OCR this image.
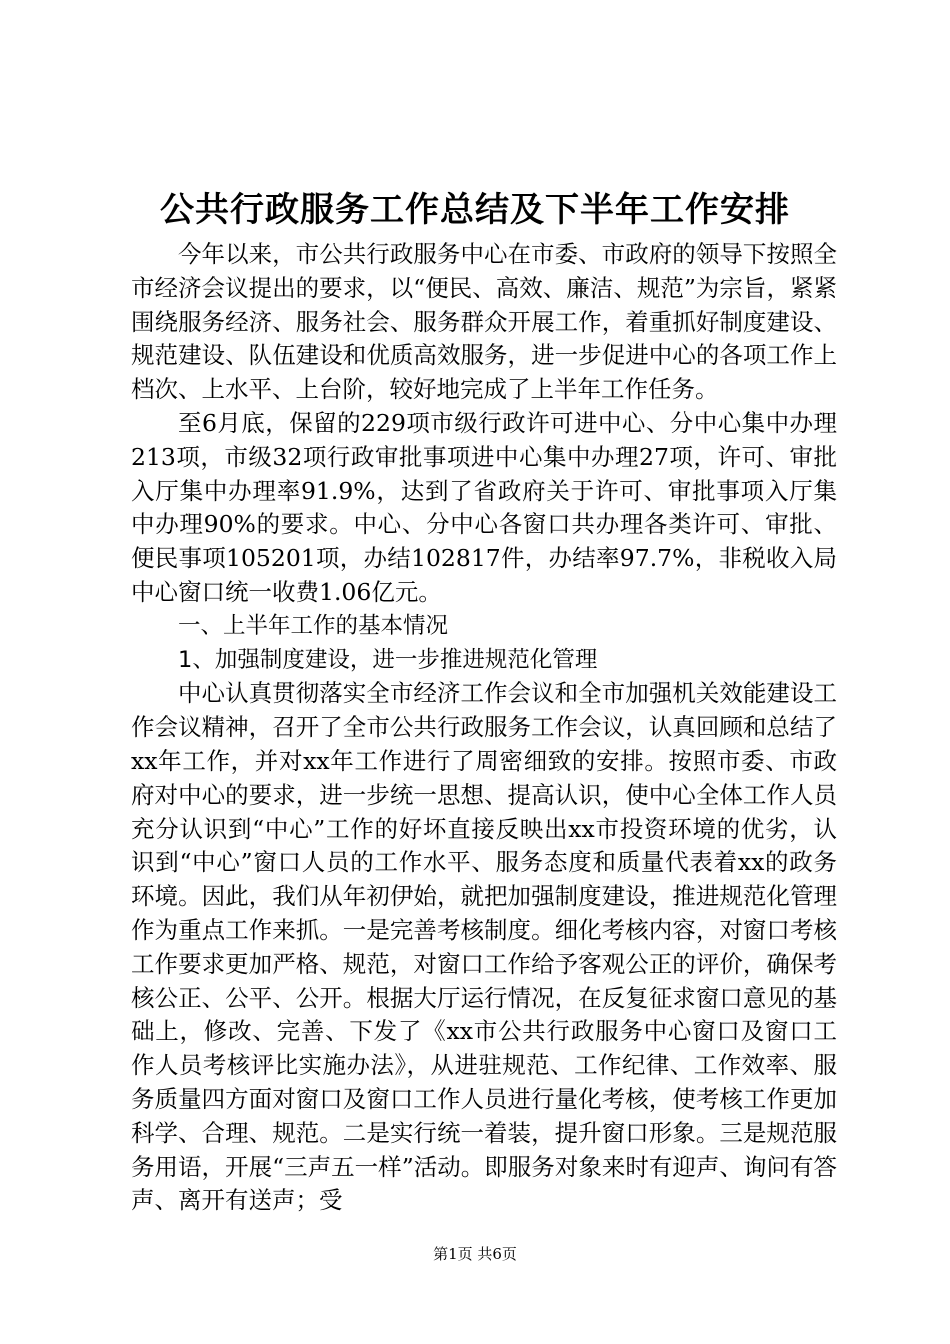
公共行政服务工作总结及下半年工作安排

今年以来，市公共行政服务中心在市委、市政府的领导下按照全市经济会议提出的要求，以“便民、高效、廉洁、规范”为宗旨，紧紧围绕服务经济、服务社会、服务群众开展工作，着重抓好制度建设、规范建设、队伍建设和优质高效服务，进一步促进中心的各项工作上档次、上水平、上台阶，较好地完成了上半年工作任务。

至6月底，保留的229项市级行政许可进中心、分中心集中办理213项，市级32项行政审批事项进中心集中办理27项，许可、审批入厅集中办理率91.9%，达到了省政府关于许可、审批事项入厅集中办理90%的要求。中心、分中心各窗口共办理各类许可、审批、便民事项105201项，办结102817件，办结率97.7%，非税收入局中心窗口统一收费1.06亿元。

一、上半年工作的基本情况

1、加强制度建设，进一步推进规范化管理

中心认真贯彻落实全市经济工作会议和全市加强机关效能建设工作会议精神，召开了全市公共行政服务工作会议，认真回顾和总结了xx年工作，并对xx年工作进行了周密细致的安排。按照市委、市政府对中心的要求，进一步统一思想、提高认识，使中心全体工作人员充分认识到“中心”工作的好坏直接反映出xx市投资环境的优劣，认识到“中心”窗口人员的工作水平、服务态度和质量代表着xx的政务环境。因此，我们从年初伊始，就把加强制度建设，推进规范化管理作为重点工作来抓。一是完善考核制度。细化考核内容，对窗口考核工作要求更加严格、规范，对窗口工作给予客观公正的评价，确保考核公正、公平、公开。根据大厅运行情况，在反复征求窗口意见的基础上，修改、完善、下发了《xx市公共行政服务中心窗口及窗口工作人员考核评比实施办法》，从进驻规范、工作纪律、工作效率、服务质量四方面对窗口及窗口工作人员进行量化考核，使考核工作更加科学、合理、规范。二是实行统一着装，提升窗口形象。三是规范服务用语，开展“三声五一样”活动。即服务对象来时有迎声、询问有答声、离开有送声；受

第1页 共6页
